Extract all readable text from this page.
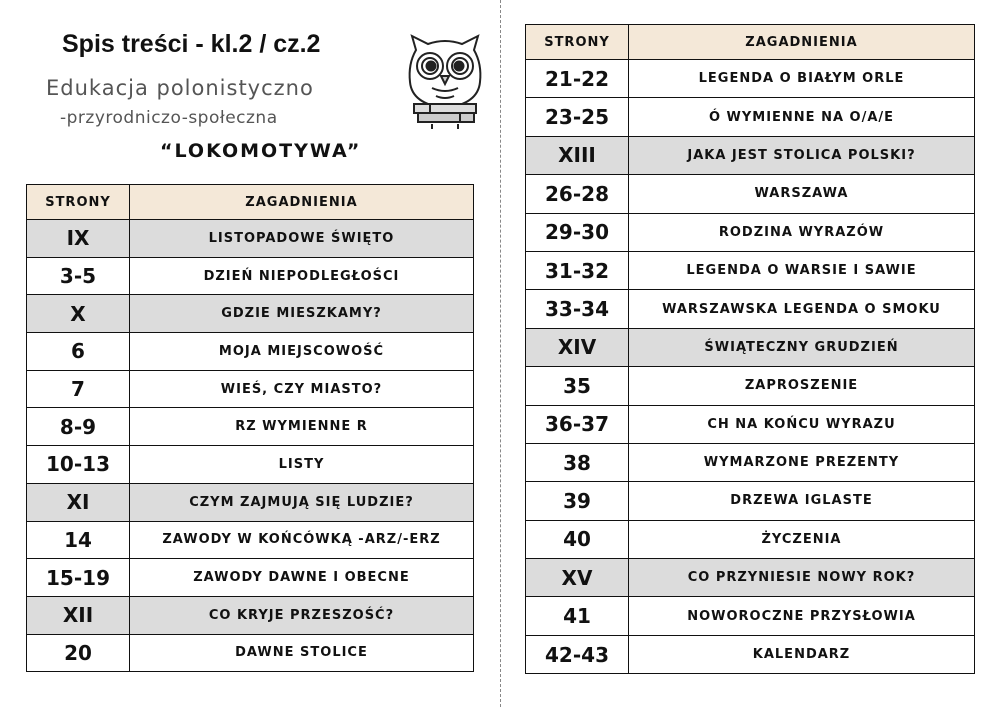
Spis treści - kl.2 / cz.2
Edukacja polonistyczno
-przyrodniczo-społeczna
“LOKOMOTYWA”
STRONY	ZAGADNIENIA
IX	LISTOPADOWE ŚWIĘTO
3-5	DZIEŃ NIEPODLEGŁOŚCI
X	GDZIE MIESZKAMY?
6	MOJA MIEJSCOWOŚĆ
7	WIEŚ, CZY MIASTO?
8-9	RZ WYMIENNE R
10-13	LISTY
XI	CZYM ZAJMUJĄ SIĘ LUDZIE?
14	ZAWODY W KOŃCÓWKĄ -ARZ/-ERZ
15-19	ZAWODY DAWNE I OBECNE
XII	CO KRYJE PRZESZOŚĆ?
20	DAWNE STOLICE
STRONY	ZAGADNIENIA
21-22	LEGENDA O BIAŁYM ORLE
23-25	Ó WYMIENNE NA O/A/E
XIII	JAKA JEST STOLICA POLSKI?
26-28	WARSZAWA
29-30	RODZINA WYRAZÓW
31-32	LEGENDA O WARSIE I SAWIE
33-34	WARSZAWSKA LEGENDA O SMOKU
XIV	ŚWIĄTECZNY GRUDZIEŃ
35	ZAPROSZENIE
36-37	CH NA KOŃCU WYRAZU
38	WYMARZONE PREZENTY
39	DRZEWA IGLASTE
40	ŻYCZENIA
XV	CO PRZYNIESIE NOWY ROK?
41	NOWOROCZNE PRZYSŁOWIA
42-43	KALENDARZ
